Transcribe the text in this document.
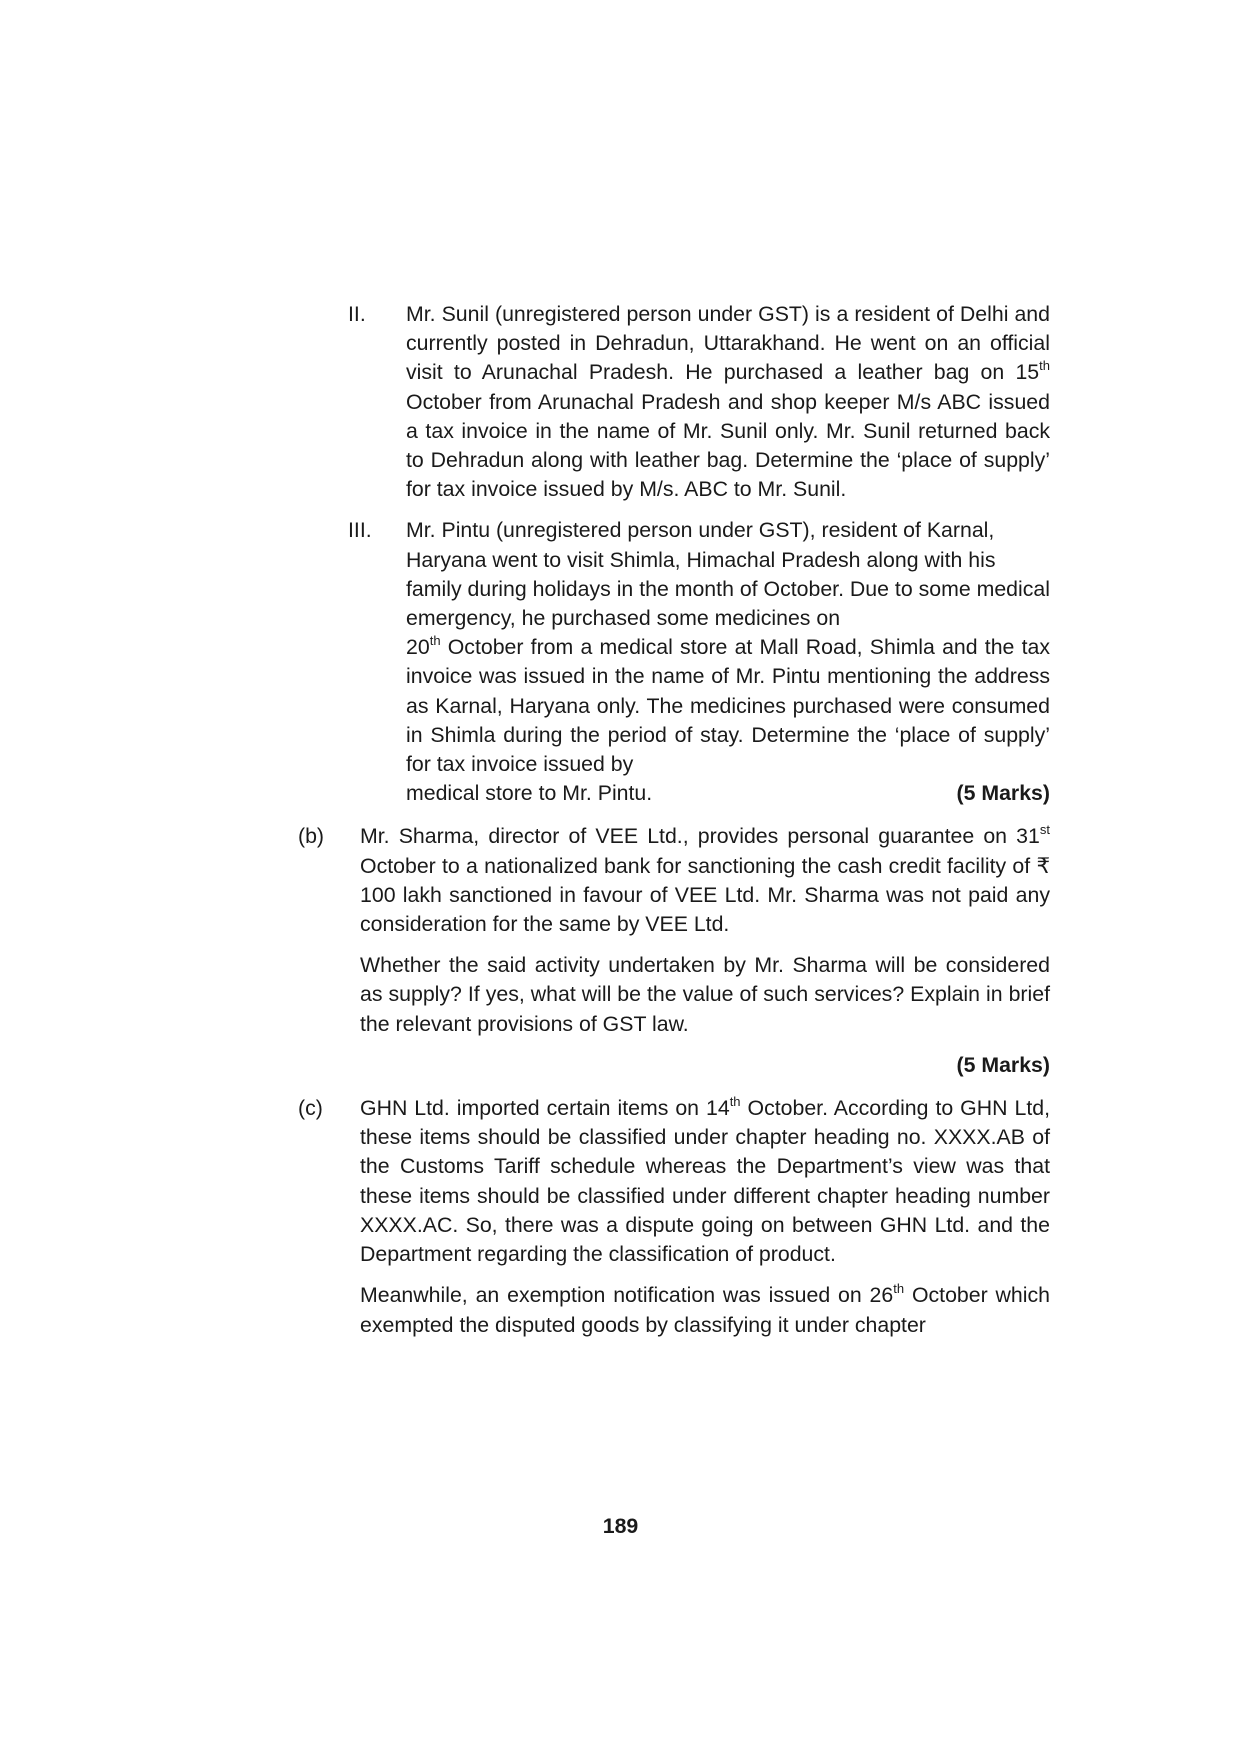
II. Mr. Sunil (unregistered person under GST) is a resident of Delhi and currently posted in Dehradun, Uttarakhand. He went on an official visit to Arunachal Pradesh. He purchased a leather bag on 15th October from Arunachal Pradesh and shop keeper M/s ABC issued a tax invoice in the name of Mr. Sunil only. Mr. Sunil returned back to Dehradun along with leather bag. Determine the ‘place of supply’ for tax invoice issued by M/s. ABC to Mr. Sunil.

III. Mr. Pintu (unregistered person under GST), resident of Karnal, Haryana went to visit Shimla, Himachal Pradesh along with his family during holidays in the month of October. Due to some medical emergency, he purchased some medicines on

20th October from a medical store at Mall Road, Shimla and the tax invoice was issued in the name of Mr. Pintu mentioning the address as Karnal, Haryana only. The medicines purchased were consumed in Shimla during the period of stay. Determine the ‘place of supply’ for tax invoice issued by

medical store to Mr. Pintu.	(5 Marks)
(b) Mr. Sharma, director of VEE Ltd., provides personal guarantee on 31st October to a nationalized bank for sanctioning the cash credit facility of ₹ 100 lakh sanctioned in favour of VEE Ltd. Mr. Sharma was not paid any consideration for the same by VEE Ltd.

Whether the said activity undertaken by Mr. Sharma will be considered as supply? If yes, what will be the value of such services? Explain in brief the relevant provisions of GST law.

(5 Marks)

(c) GHN Ltd. imported certain items on 14th October. According to GHN Ltd, these items should be classified under chapter heading no. XXXX.AB of the Customs Tariff schedule whereas the Department’s view was that these items should be classified under different chapter heading number XXXX.AC. So, there was a dispute going on between GHN Ltd. and the Department regarding the classification of product.

Meanwhile, an exemption notification was issued on 26th October which exempted the disputed goods by classifying it under chapter

189
